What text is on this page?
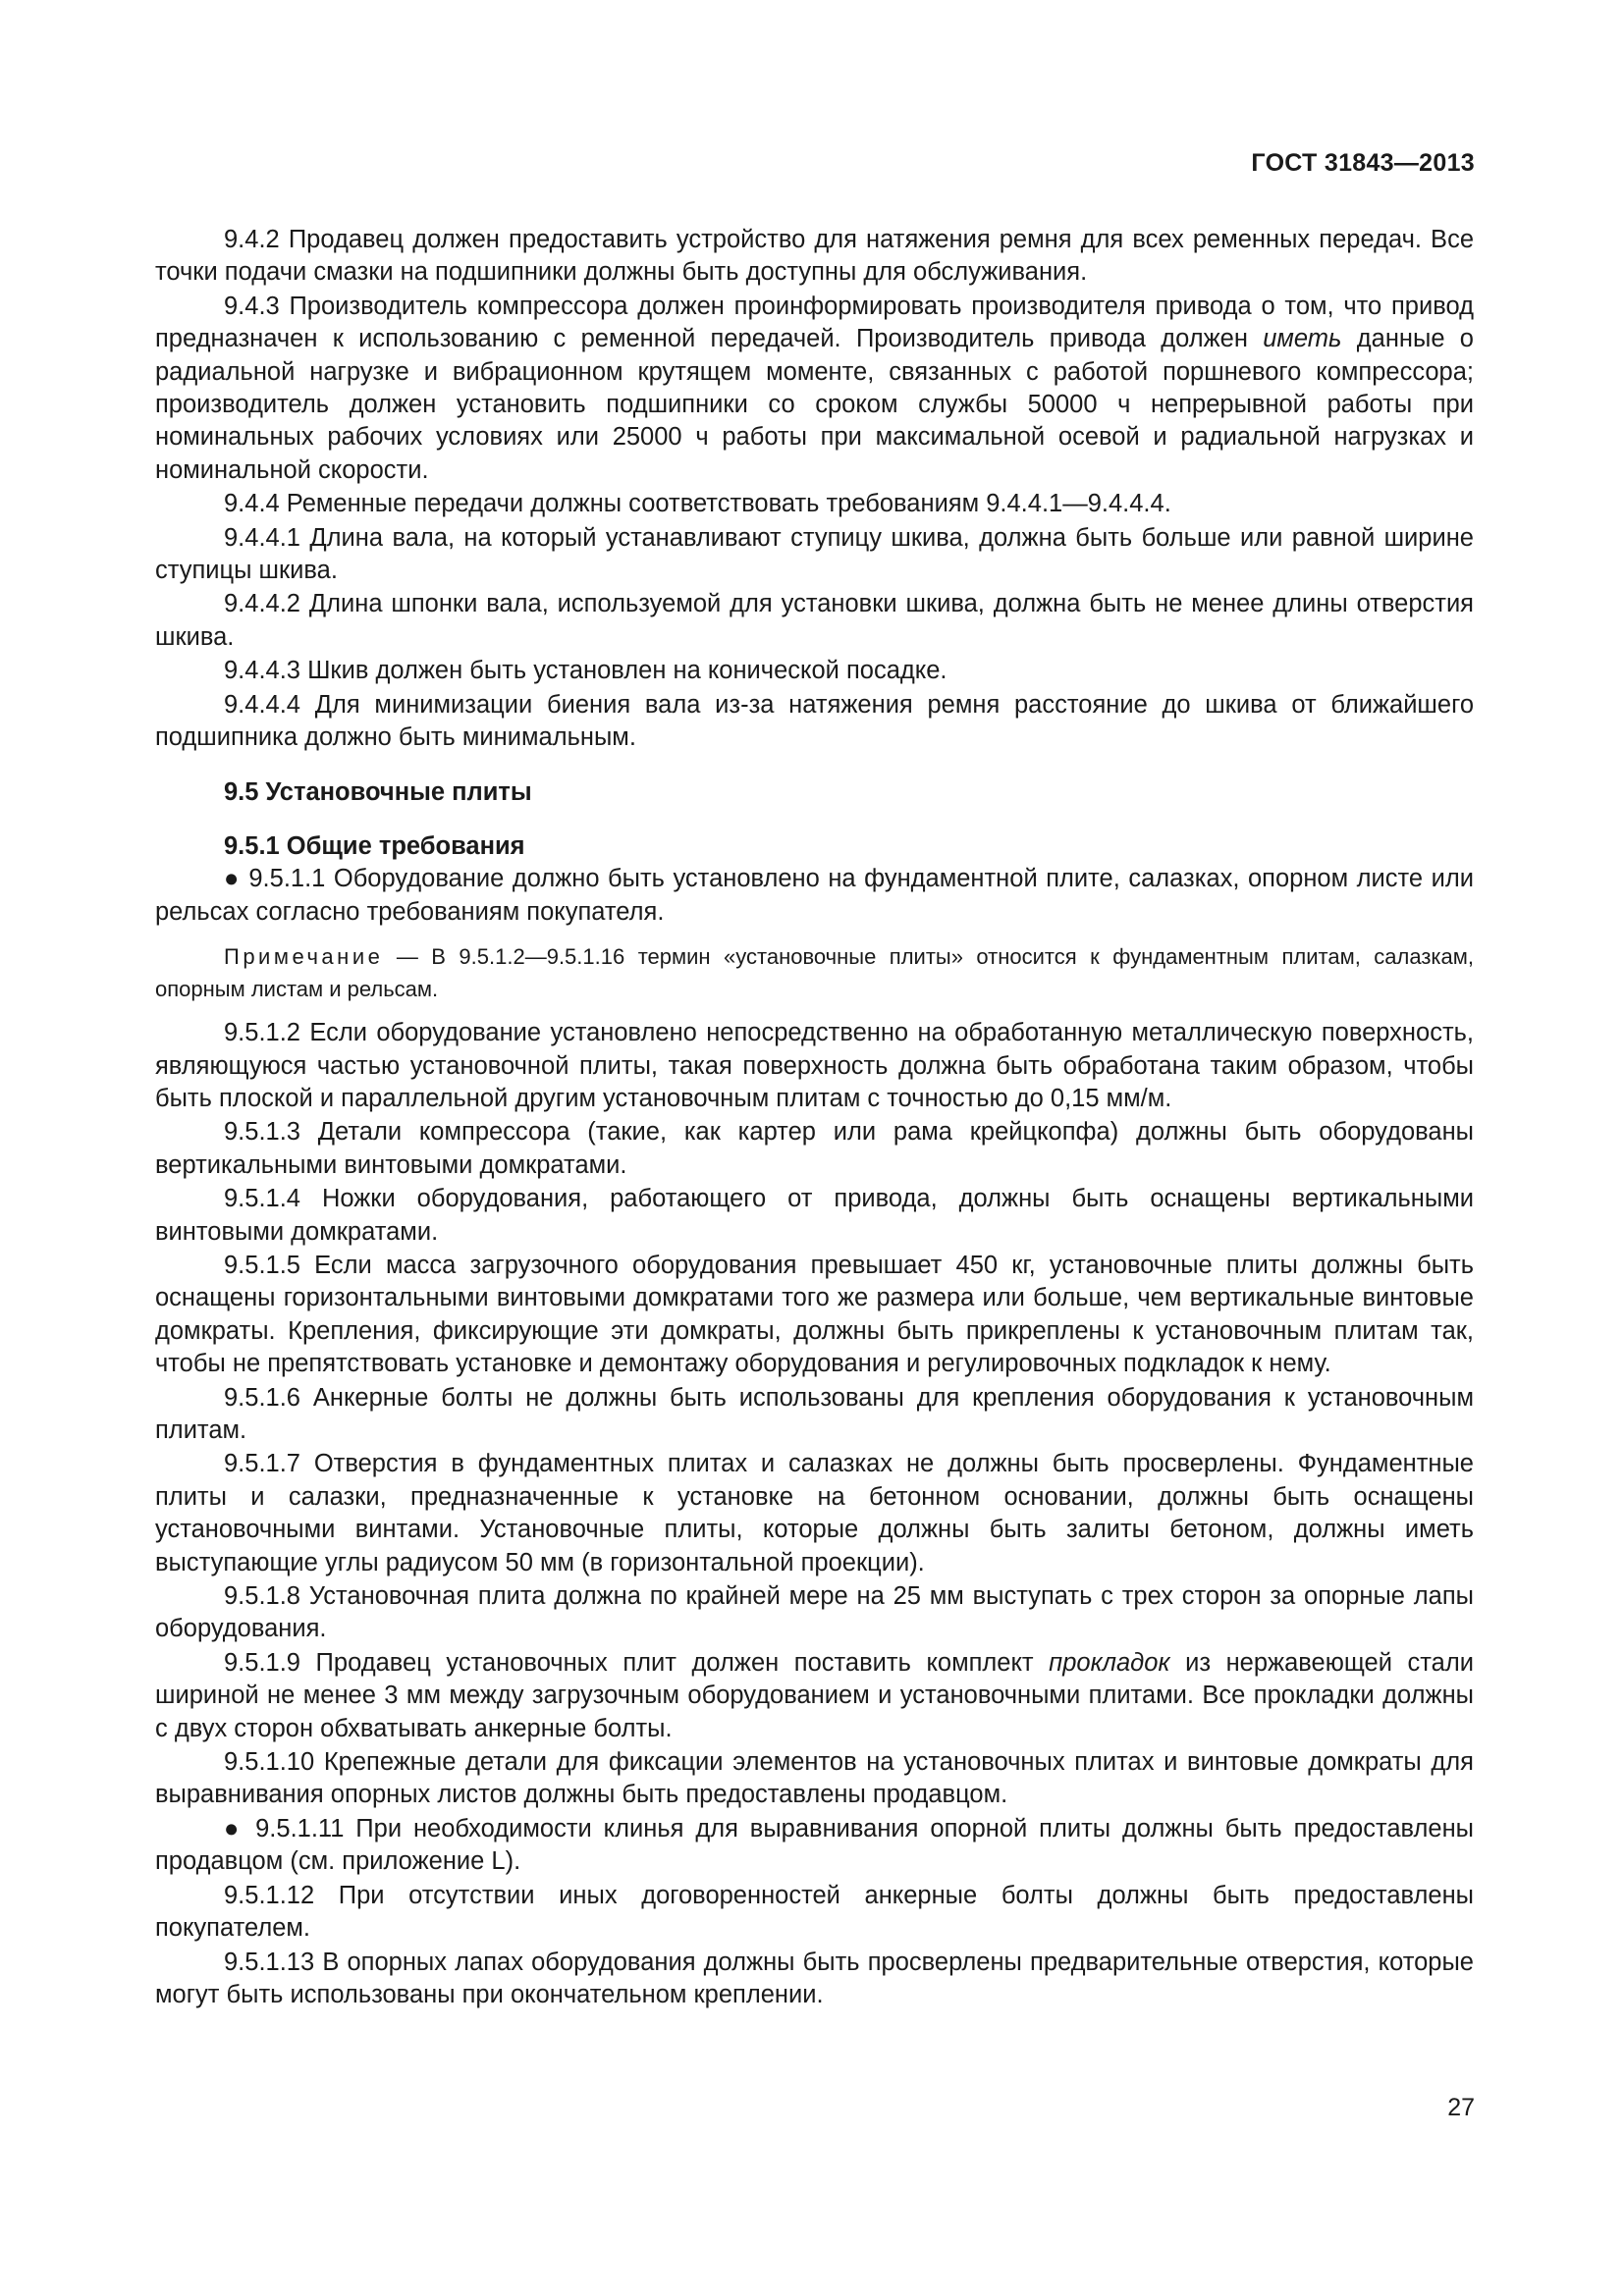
ГОСТ 31843—2013

9.4.2 Продавец должен предоставить устройство для натяжения ремня для всех ременных передач. Все точки подачи смазки на подшипники должны быть доступны для обслуживания.

9.4.3 Производитель компрессора должен проинформировать производителя привода о том, что привод предназначен к использованию с ременной передачей. Производитель привода должен иметь данные о радиальной нагрузке и вибрационном крутящем моменте, связанных с работой поршневого компрессора; производитель должен установить подшипники со сроком службы 50000 ч непрерывной работы при номинальных рабочих условиях или 25000 ч работы при максимальной осевой и радиальной нагрузках и номинальной скорости.

9.4.4 Ременные передачи должны соответствовать требованиям 9.4.4.1—9.4.4.4.

9.4.4.1 Длина вала, на который устанавливают ступицу шкива, должна быть больше или равной ширине ступицы шкива.

9.4.4.2 Длина шпонки вала, используемой для установки шкива, должна быть не менее длины отверстия шкива.

9.4.4.3 Шкив должен быть установлен на конической посадке.

9.4.4.4 Для минимизации биения вала из-за натяжения ремня расстояние до шкива от ближайшего подшипника должно быть минимальным.

9.5 Установочные плиты

9.5.1 Общие требования

● 9.5.1.1 Оборудование должно быть установлено на фундаментной плите, салазках, опорном листе или рельсах согласно требованиям покупателя.

Примечание — В 9.5.1.2—9.5.1.16 термин «установочные плиты» относится к фундаментным плитам, салазкам, опорным листам и рельсам.

9.5.1.2 Если оборудование установлено непосредственно на обработанную металлическую поверхность, являющуюся частью установочной плиты, такая поверхность должна быть обработана таким образом, чтобы быть плоской и параллельной другим установочным плитам с точностью до 0,15 мм/м.

9.5.1.3 Детали компрессора (такие, как картер или рама крейцкопфа) должны быть оборудованы вертикальными винтовыми домкратами.

9.5.1.4 Ножки оборудования, работающего от привода, должны быть оснащены вертикальными винтовыми домкратами.

9.5.1.5 Если масса загрузочного оборудования превышает 450 кг, установочные плиты должны быть оснащены горизонтальными винтовыми домкратами того же размера или больше, чем вертикальные винтовые домкраты. Крепления, фиксирующие эти домкраты, должны быть прикреплены к установочным плитам так, чтобы не препятствовать установке и демонтажу оборудования и регулировочных подкладок к нему.

9.5.1.6 Анкерные болты не должны быть использованы для крепления оборудования к установочным плитам.

9.5.1.7 Отверстия в фундаментных плитах и салазках не должны быть просверлены. Фундаментные плиты и салазки, предназначенные к установке на бетонном основании, должны быть оснащены установочными винтами. Установочные плиты, которые должны быть залиты бетоном, должны иметь выступающие углы радиусом 50 мм (в горизонтальной проекции).

9.5.1.8 Установочная плита должна по крайней мере на 25 мм выступать с трех сторон за опорные лапы оборудования.

9.5.1.9 Продавец установочных плит должен поставить комплект прокладок из нержавеющей стали шириной не менее 3 мм между загрузочным оборудованием и установочными плитами. Все прокладки должны с двух сторон обхватывать анкерные болты.

9.5.1.10 Крепежные детали для фиксации элементов на установочных плитах и винтовые домкраты для выравнивания опорных листов должны быть предоставлены продавцом.

● 9.5.1.11 При необходимости клинья для выравнивания опорной плиты должны быть предоставлены продавцом (см. приложение L).

9.5.1.12 При отсутствии иных договоренностей анкерные болты должны быть предоставлены покупателем.

9.5.1.13 В опорных лапах оборудования должны быть просверлены предварительные отверстия, которые могут быть использованы при окончательном креплении.

27
